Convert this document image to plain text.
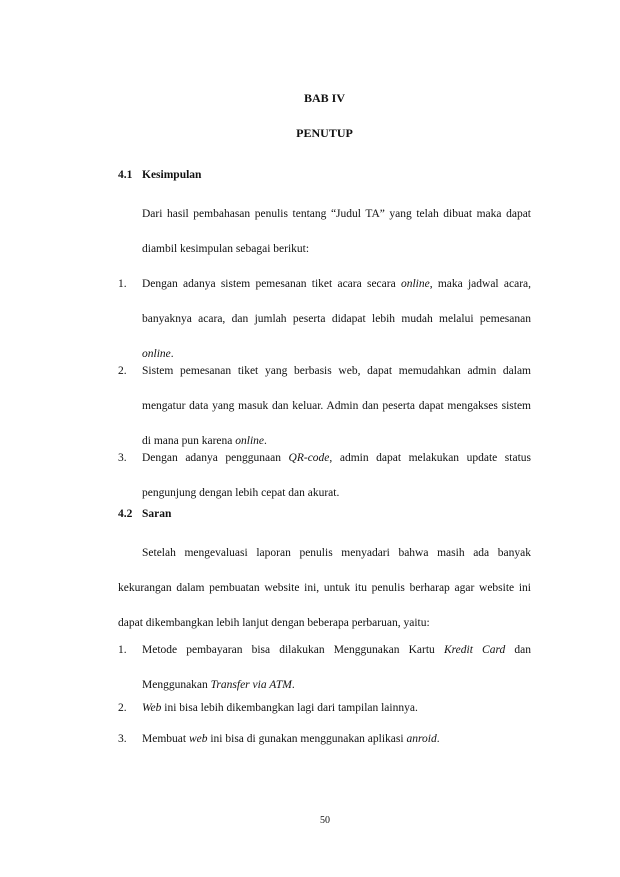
BAB IV
PENUTUP
4.1 Kesimpulan

Dari hasil pembahasan penulis tentang “Judul TA” yang telah dibuat maka dapat diambil kesimpulan sebagai berikut:

1. Dengan adanya sistem pemesanan tiket acara secara online, maka jadwal acara, banyaknya acara, dan jumlah peserta didapat lebih mudah melalui pemesanan online.
2. Sistem pemesanan tiket yang berbasis web, dapat memudahkan admin dalam mengatur data yang masuk dan keluar. Admin dan peserta dapat mengakses sistem di mana pun karena online.
3. Dengan adanya penggunaan QR-code, admin dapat melakukan update status pengunjung dengan lebih cepat dan akurat.
4.2 Saran

Setelah mengevaluasi laporan penulis menyadari bahwa masih ada banyak kekurangan dalam pembuatan website ini, untuk itu penulis berharap agar website ini dapat dikembangkan lebih lanjut dengan beberapa perbaruan, yaitu:

1. Metode pembayaran bisa dilakukan Menggunakan Kartu Kredit Card dan Menggunakan Transfer via ATM.
2. Web ini bisa lebih dikembangkan lagi dari tampilan lainnya.
3. Membuat web ini bisa di gunakan menggunakan aplikasi anroid.
50
